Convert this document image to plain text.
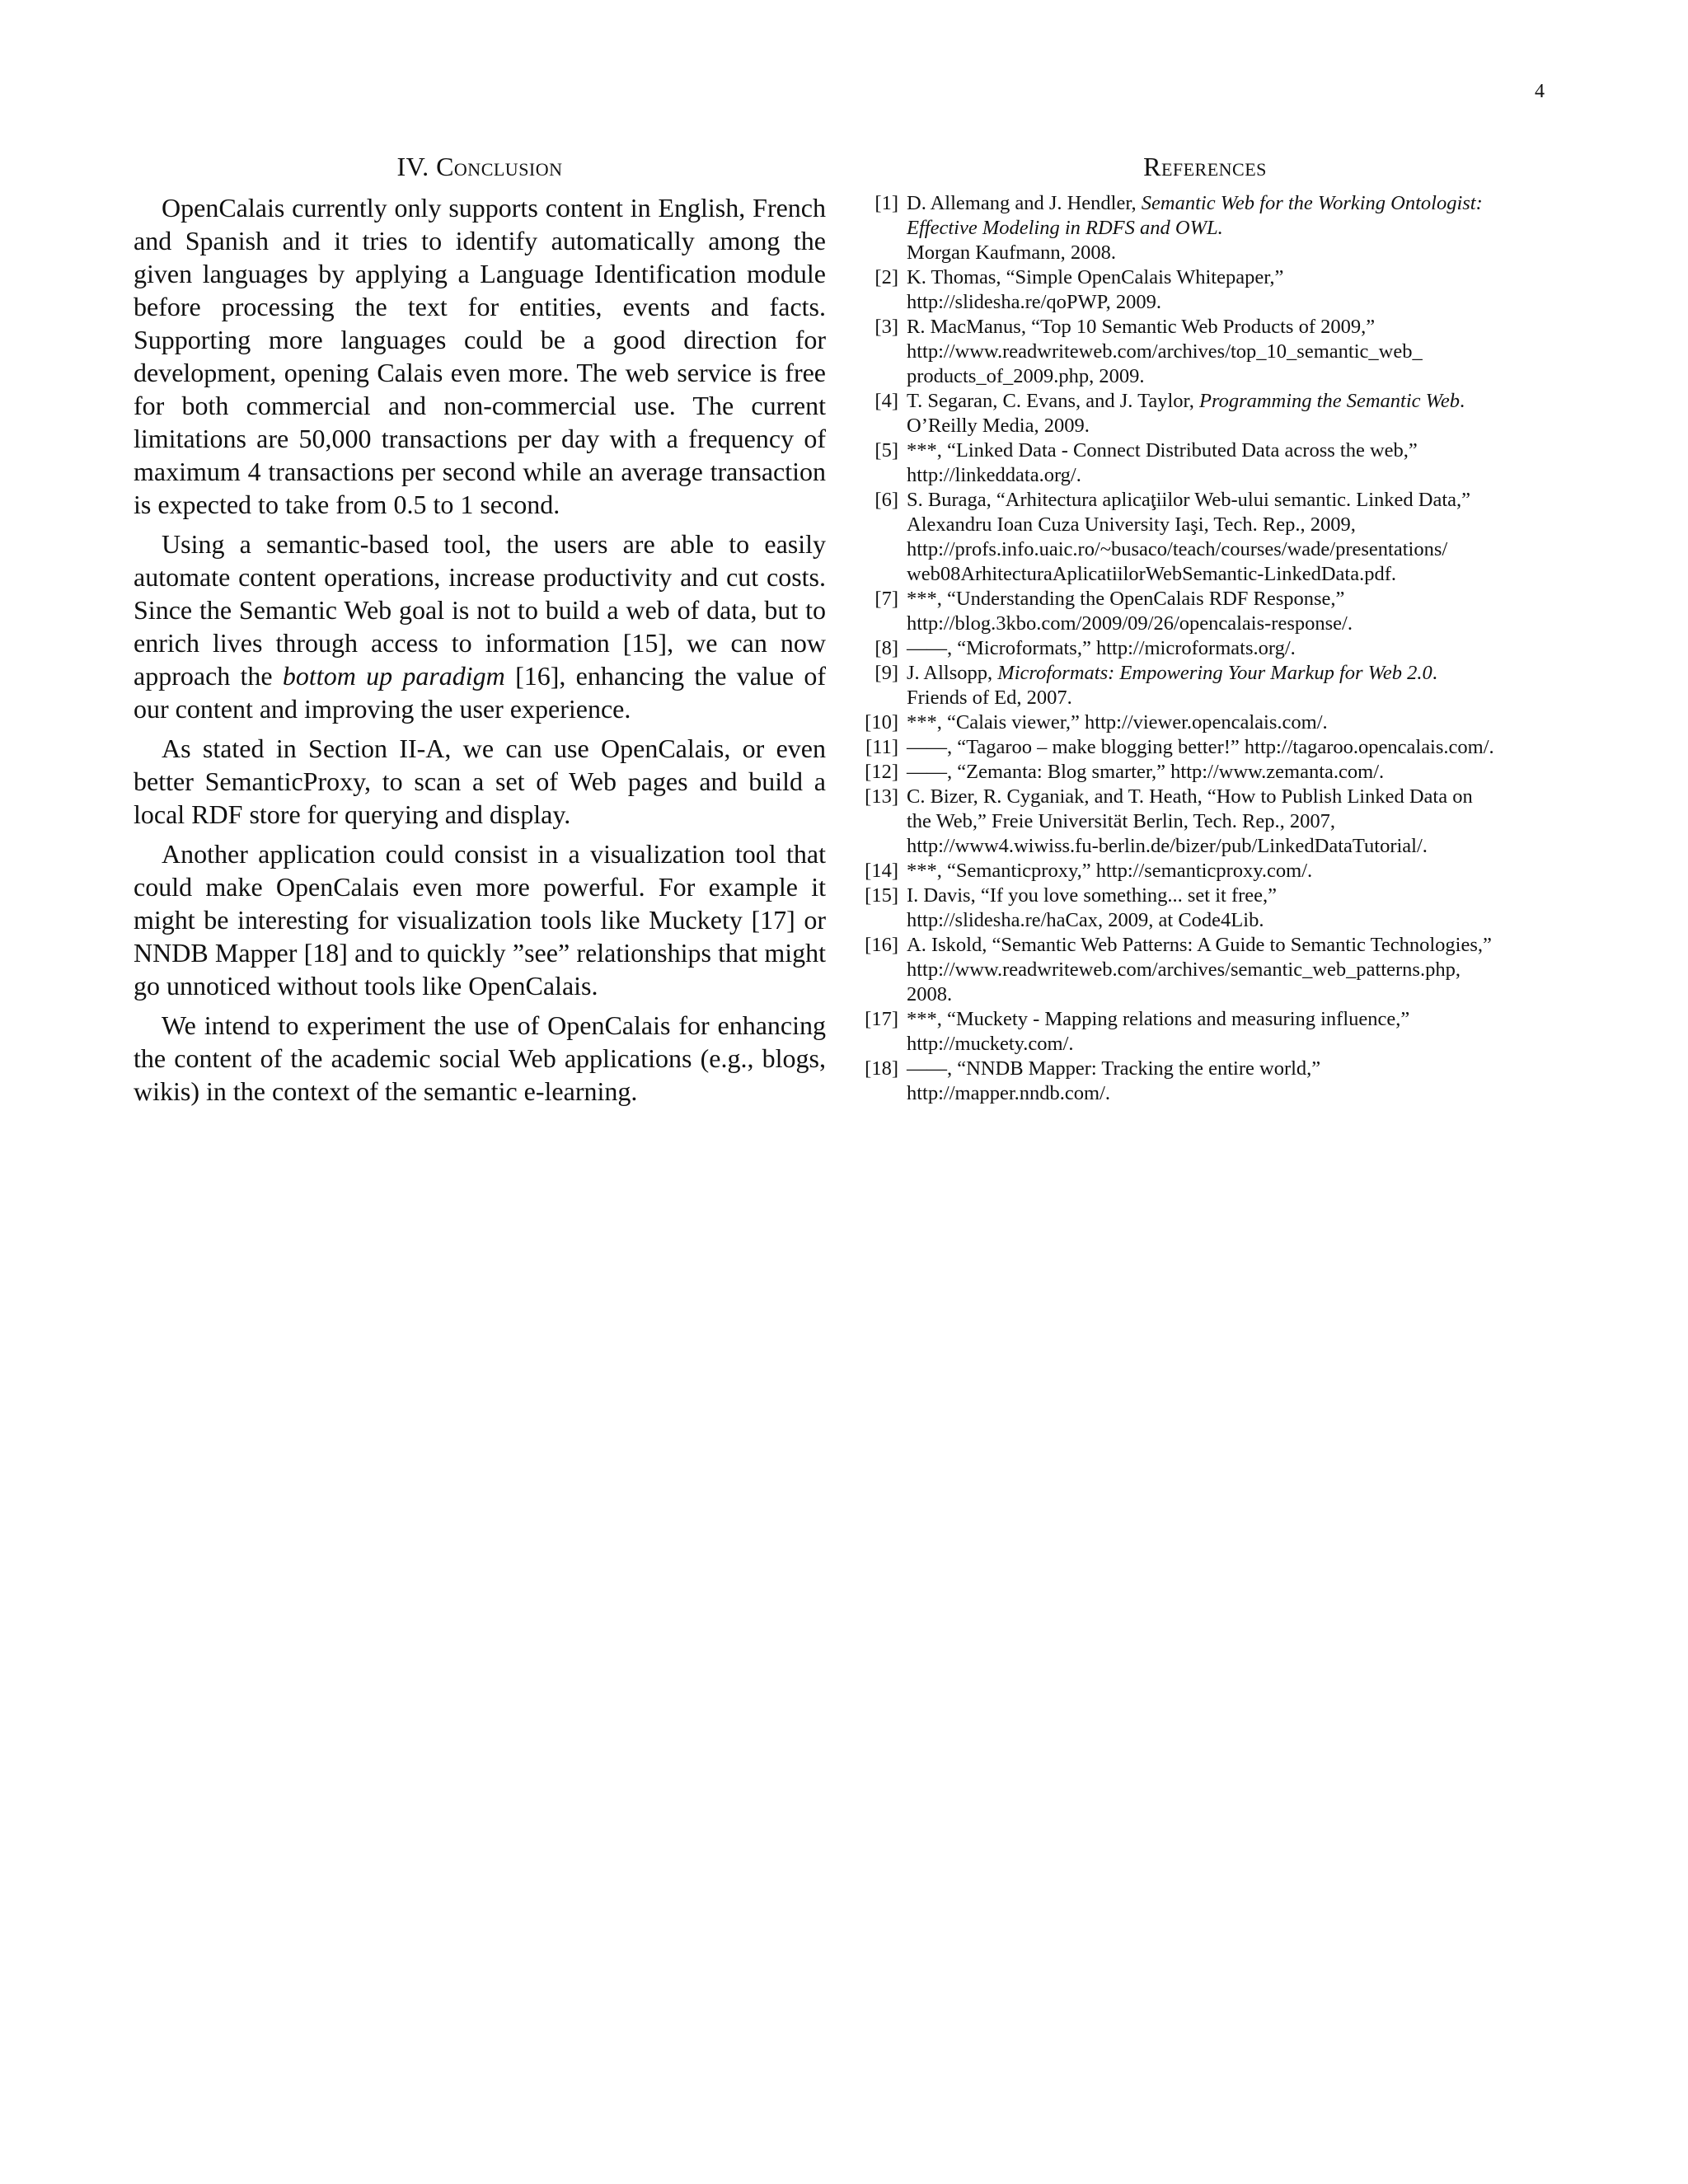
4
IV. Conclusion

OpenCalais currently only supports content in English, French and Spanish and it tries to identify automatically among the given languages by applying a Language Identification module before processing the text for entities, events and facts. Supporting more languages could be a good direction for development, opening Calais even more. The web service is free for both commercial and non-commercial use. The current limitations are 50,000 transactions per day with a frequency of maximum 4 transactions per second while an average transaction is expected to take from 0.5 to 1 second.

Using a semantic-based tool, the users are able to easily automate content operations, increase productivity and cut costs. Since the Semantic Web goal is not to build a web of data, but to enrich lives through access to information [15], we can now approach the bottom up paradigm [16], enhancing the value of our content and improving the user experience.

As stated in Section II-A, we can use OpenCalais, or even better SemanticProxy, to scan a set of Web pages and build a local RDF store for querying and display.

Another application could consist in a visualization tool that could make OpenCalais even more powerful. For example it might be interesting for visualization tools like Muckety [17] or NNDB Mapper [18] and to quickly ”see” relationships that might go unnoticed without tools like OpenCalais.

We intend to experiment the use of OpenCalais for enhancing the content of the academic social Web applications (e.g., blogs, wikis) in the context of the semantic e-learning.

References
[1] D. Allemang and J. Hendler, Semantic Web for the Working Ontologist:
Effective Modeling in RDFS and OWL.
Morgan Kaufmann, 2008.
[2] K. Thomas, “Simple OpenCalais Whitepaper,”
http://slidesha.re/qoPWP, 2009.
[3] R. MacManus, “Top 10 Semantic Web Products of 2009,”
http://www.readwriteweb.com/archives/top_10_semantic_web_
products_of_2009.php, 2009.
[4] T. Segaran, C. Evans, and J. Taylor, Programming the Semantic Web.
O’Reilly Media, 2009.
[5] ***, “Linked Data - Connect Distributed Data across the web,”
http://linkeddata.org/.
[6] S. Buraga, “Arhitectura aplicaţiilor Web-ului semantic. Linked Data,”
Alexandru Ioan Cuza University Iaşi, Tech. Rep., 2009,
http://profs.info.uaic.ro/~busaco/teach/courses/wade/presentations/
web08ArhitecturaAplicatiilorWebSemantic-LinkedData.pdf.
[7] ***, “Understanding the OpenCalais RDF Response,”
http://blog.3kbo.com/2009/09/26/opencalais-response/.
[8] ——, “Microformats,” http://microformats.org/.
[9] J. Allsopp, Microformats: Empowering Your Markup for Web 2.0.
Friends of Ed, 2007.
[10] ***, “Calais viewer,” http://viewer.opencalais.com/.
[11] ——, “Tagaroo – make blogging better!” http://tagaroo.opencalais.com/.
[12] ——, “Zemanta: Blog smarter,” http://www.zemanta.com/.
[13] C. Bizer, R. Cyganiak, and T. Heath, “How to Publish Linked Data on
the Web,” Freie Universität Berlin, Tech. Rep., 2007,
http://www4.wiwiss.fu-berlin.de/bizer/pub/LinkedDataTutorial/.
[14] ***, “Semanticproxy,” http://semanticproxy.com/.
[15] I. Davis, “If you love something... set it free,”
http://slidesha.re/haCax, 2009, at Code4Lib.
[16] A. Iskold, “Semantic Web Patterns: A Guide to Semantic Technologies,”
http://www.readwriteweb.com/archives/semantic_web_patterns.php,
2008.
[17] ***, “Muckety - Mapping relations and measuring influence,”
http://muckety.com/.
[18] ——, “NNDB Mapper: Tracking the entire world,”
http://mapper.nndb.com/.
